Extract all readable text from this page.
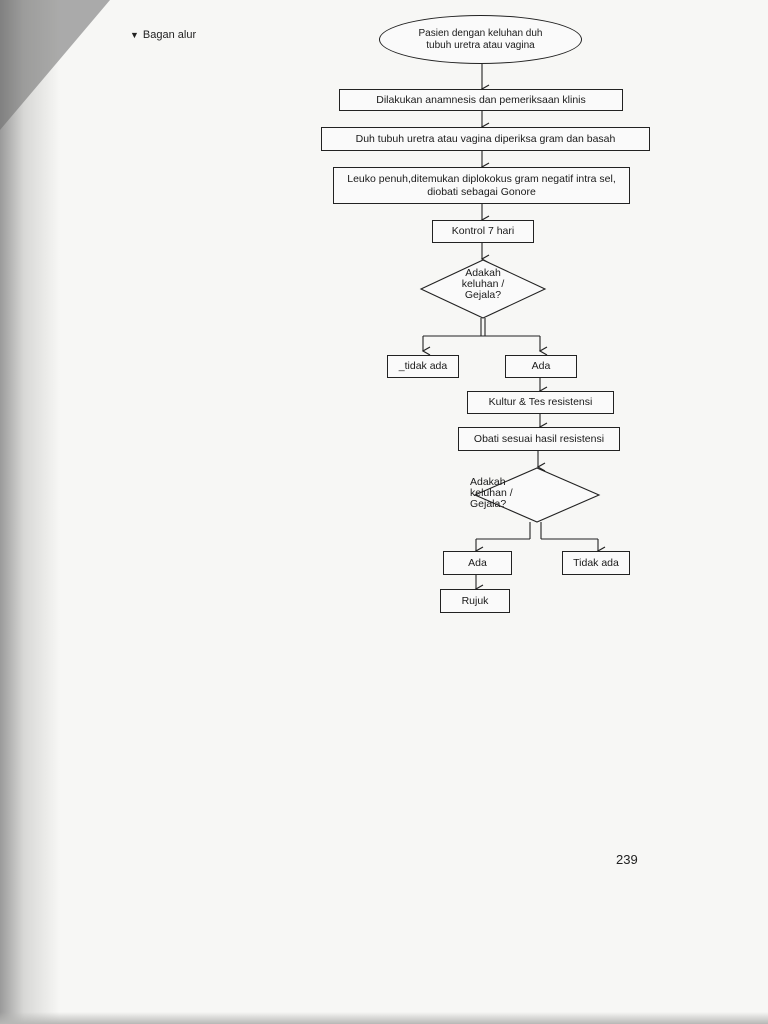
▼ Bagan alur	Pasien dengan keluhan duh tubuh uretra atau vagina
Dilakukan anamnesis dan pemeriksaan klinis
Duh tubuh uretra atau vagina diperiksa gram dan basah
Leuko penuh,ditemukan diplokokus gram negatif intra sel, diobati sebagai Gonore
Kontrol 7 hari
Adakah
keluhan /
Gejala?
_tidak ada	Ada
Kultur & Tes resistensi
Obati sesuai hasil resistensi
Adakah
keluhan /
Gejala?
Ada	Tidak ada
Rujuk
239
